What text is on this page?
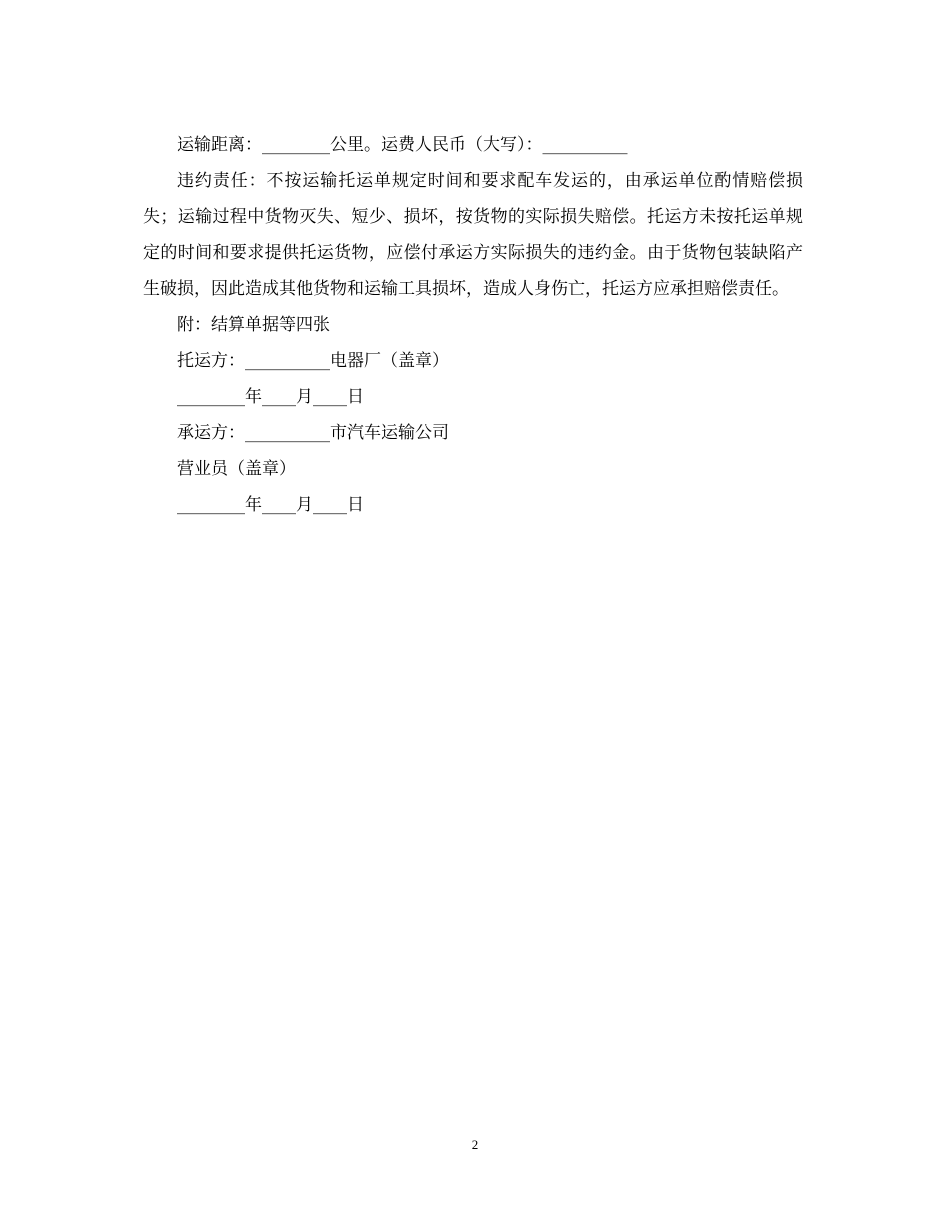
运输距离：________公里。运费人民币（大写）：__________

违约责任：不按运输托运单规定时间和要求配车发运的，由承运单位酌情赔偿损失；运输过程中货物灭失、短少、损坏，按货物的实际损失赔偿。托运方未按托运单规定的时间和要求提供托运货物，应偿付承运方实际损失的违约金。由于货物包装缺陷产生破损，因此造成其他货物和运输工具损坏，造成人身伤亡，托运方应承担赔偿责任。

附：结算单据等四张

托运方：__________电器厂（盖章）

________年____月____日

承运方：__________市汽车运输公司

营业员（盖章）

________年____月____日

2
